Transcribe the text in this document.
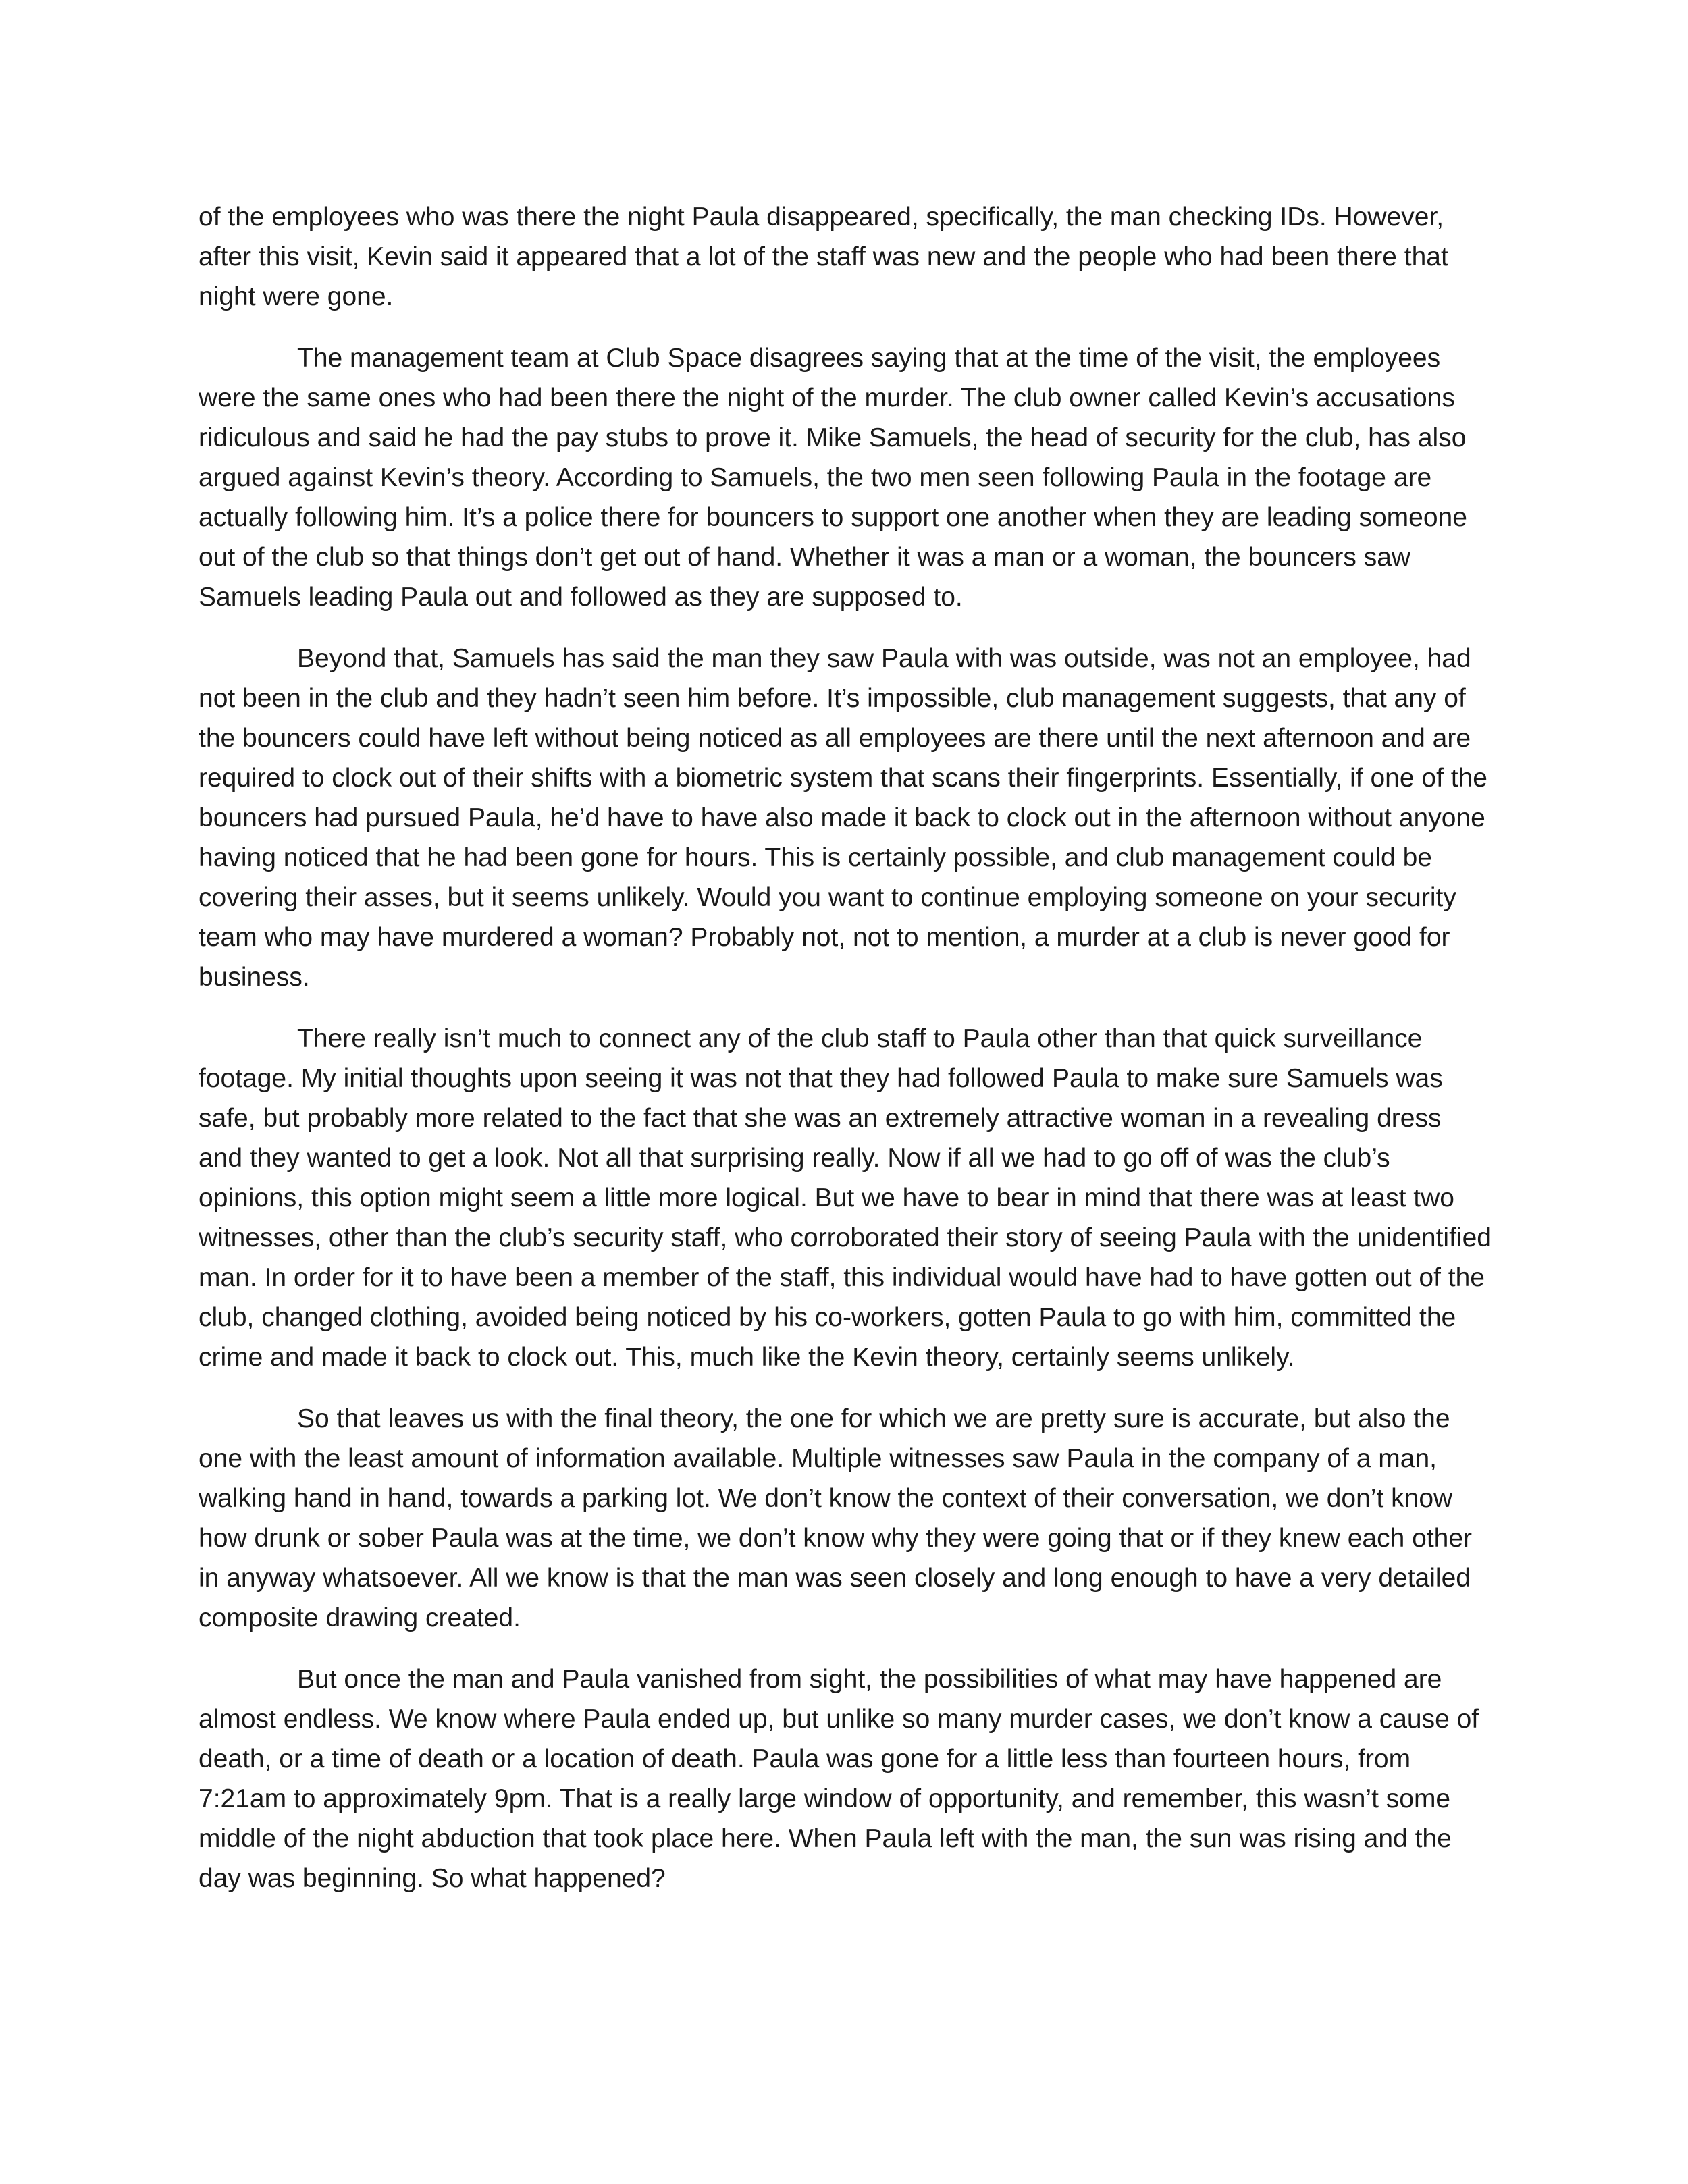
of the employees who was there the night Paula disappeared, specifically, the man checking IDs. However, after this visit, Kevin said it appeared that a lot of the staff was new and the people who had been there that night were gone.

The management team at Club Space disagrees saying that at the time of the visit, the employees were the same ones who had been there the night of the murder. The club owner called Kevin’s accusations ridiculous and said he had the pay stubs to prove it. Mike Samuels, the head of security for the club, has also argued against Kevin’s theory. According to Samuels, the two men seen following Paula in the footage are actually following him. It’s a police there for bouncers to support one another when they are leading someone out of the club so that things don’t get out of hand. Whether it was a man or a woman, the bouncers saw Samuels leading Paula out and followed as they are supposed to.

Beyond that, Samuels has said the man they saw Paula with was outside, was not an employee, had not been in the club and they hadn’t seen him before. It’s impossible, club management suggests, that any of the bouncers could have left without being noticed as all employees are there until the next afternoon and are required to clock out of their shifts with a biometric system that scans their fingerprints. Essentially, if one of the bouncers had pursued Paula, he’d have to have also made it back to clock out in the afternoon without anyone having noticed that he had been gone for hours. This is certainly possible, and club management could be covering their asses, but it seems unlikely. Would you want to continue employing someone on your security team who may have murdered a woman? Probably not, not to mention, a murder at a club is never good for business.

There really isn’t much to connect any of the club staff to Paula other than that quick surveillance footage. My initial thoughts upon seeing it was not that they had followed Paula to make sure Samuels was safe, but probably more related to the fact that she was an extremely attractive woman in a revealing dress and they wanted to get a look. Not all that surprising really. Now if all we had to go off of was the club’s opinions, this option might seem a little more logical. But we have to bear in mind that there was at least two witnesses, other than the club’s security staff, who corroborated their story of seeing Paula with the unidentified man. In order for it to have been a member of the staff, this individual would have had to have gotten out of the club, changed clothing, avoided being noticed by his co-workers, gotten Paula to go with him, committed the crime and made it back to clock out. This, much like the Kevin theory, certainly seems unlikely.

So that leaves us with the final theory, the one for which we are pretty sure is accurate, but also the one with the least amount of information available. Multiple witnesses saw Paula in the company of a man, walking hand in hand, towards a parking lot. We don’t know the context of their conversation, we don’t know how drunk or sober Paula was at the time, we don’t know why they were going that or if they knew each other in anyway whatsoever. All we know is that the man was seen closely and long enough to have a very detailed composite drawing created.

But once the man and Paula vanished from sight, the possibilities of what may have happened are almost endless. We know where Paula ended up, but unlike so many murder cases, we don’t know a cause of death, or a time of death or a location of death. Paula was gone for a little less than fourteen hours, from 7:21am to approximately 9pm. That is a really large window of opportunity, and remember, this wasn’t some middle of the night abduction that took place here. When Paula left with the man, the sun was rising and the day was beginning. So what happened?
